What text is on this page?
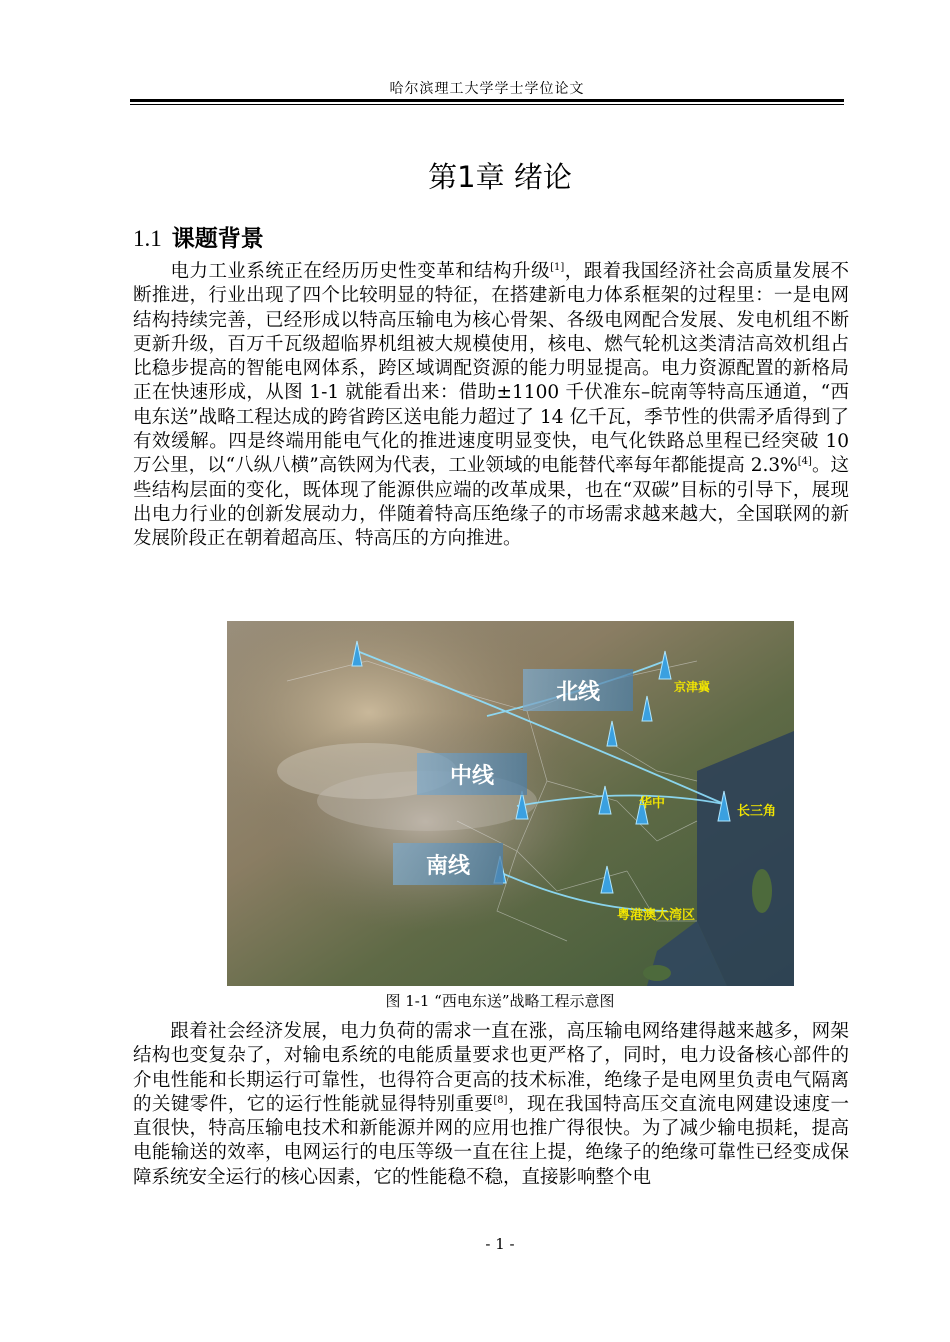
哈尔滨理工大学学士学位论文
第1章 绪论
1.1 课题背景
  电力工业系统正在经历历史性变革和结构升级[1]，跟着我国经济社会高质量发展不断推进，行业出现了四个比较明显的特征，在搭建新电力体系框架的过程里：一是电网结构持续完善，已经形成以特高压输电为核心骨架、各级电网配合发展、发电机组不断更新升级，百万千瓦级超临界机组被大规模使用，核电、燃气轮机这类清洁高效机组占比稳步提高的智能电网体系，跨区域调配资源的能力明显提高。电力资源配置的新格局正在快速形成，从图 1-1 就能看出来：借助±1100 千伏准东–皖南等特高压通道，“西电东送”战略工程达成的跨省跨区送电能力超过了 14 亿千瓦，季节性的供需矛盾得到了有效缓解。四是终端用能电气化的推进速度明显变快，电气化铁路总里程已经突破 10 万公里，以“八纵八横”高铁网为代表，工业领域的电能替代率每年都能提高 2.3%[4]。这些结构层面的变化，既体现了能源供应端的改革成果，也在“双碳”目标的引导下，展现出电力行业的创新发展动力，伴随着特高压绝缘子的市场需求越来越大，全国联网的新发展阶段正在朝着超高压、特高压的方向推进。
北线
中线
南线
京津冀
华中
长三角
粤港澳大湾区
图 1-1 “西电东送”战略工程示意图
  跟着社会经济发展，电力负荷的需求一直在涨，高压输电网络建得越来越多，网架结构也变复杂了，对输电系统的电能质量要求也更严格了，同时，电力设备核心部件的介电性能和长期运行可靠性，也得符合更高的技术标准，绝缘子是电网里负责电气隔离的关键零件，它的运行性能就显得特别重要[8]，现在我国特高压交直流电网建设速度一直很快，特高压输电技术和新能源并网的应用也推广得很快。为了减少输电损耗，提高电能输送的效率，电网运行的电压等级一直在往上提，绝缘子的绝缘可靠性已经变成保障系统安全运行的核心因素，它的性能稳不稳，直接影响整个电
- 1 -
